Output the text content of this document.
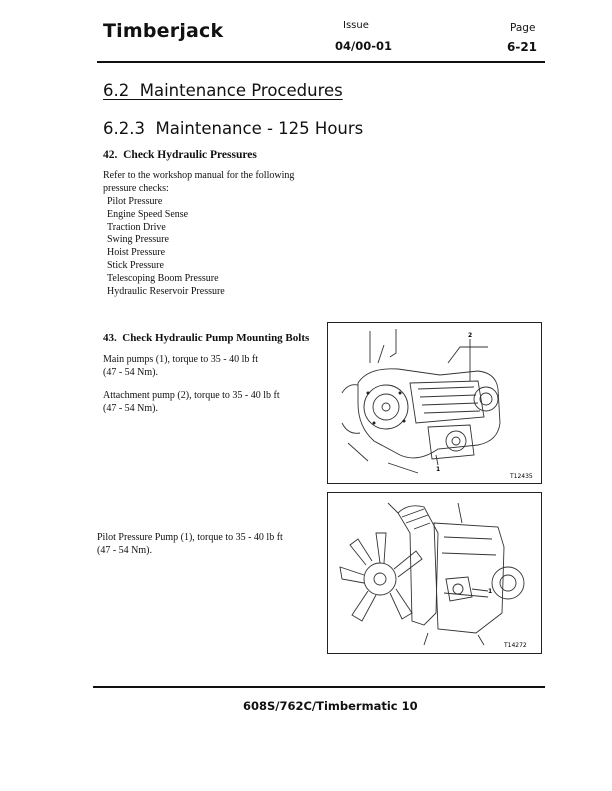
Timberjack	Issue
04/00-01
Page
6-21
6.2  Maintenance Procedures
6.2.3  Maintenance - 125 Hours
42.  Check Hydraulic Pressures
Refer to the workshop manual for the following
pressure checks:
Pilot Pressure
Engine Speed Sense
Traction Drive
Swing Pressure
Hoist Pressure
Stick Pressure
Telescoping Boom Pressure
Hydraulic Reservoir Pressure
43.  Check Hydraulic Pump Mounting Bolts
Main pumps (1), torque to 35 - 40 lb ft
(47 - 54 Nm).
Attachment pump (2), torque to 35 - 40 lb ft
(47 - 54 Nm).
Pilot Pressure Pump (1), torque to 35 - 40 lb ft
(47 - 54 Nm).
2
1
T12435
1
T14272
608S/762C/Timbermatic 10
